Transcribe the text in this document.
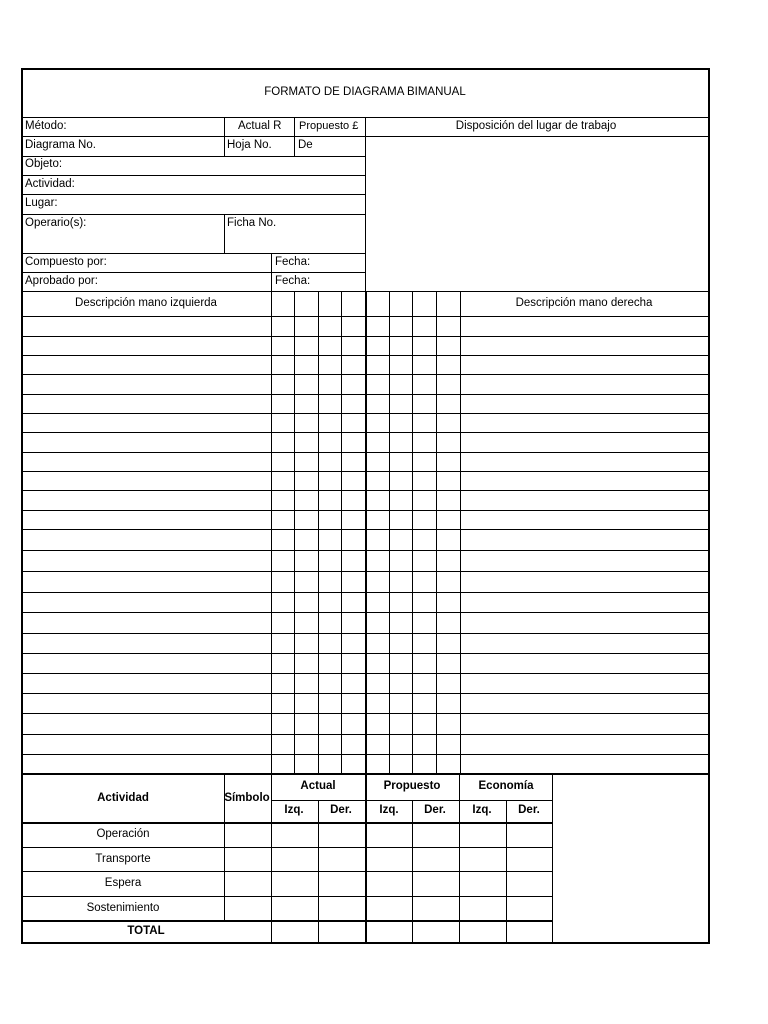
FORMATO DE DIAGRAMA BIMANUAL
Método:	Actual R Propuesto £	Disposición del lugar de trabajo
Diagrama No.	Hoja No. De
Objeto:
Actividad:
Lugar:
Operario(s):	Ficha No.
Compuesto por:	Fecha:
Aprobado por:	Fecha:
Descripción mano izquierda	Descripción mano derecha
Actividad	Símbolo
Actual	Propuesto	Economía
Izq. Der. Izq. Der. Izq. Der.
Operación
Transporte
Espera
Sostenimiento
TOTAL
